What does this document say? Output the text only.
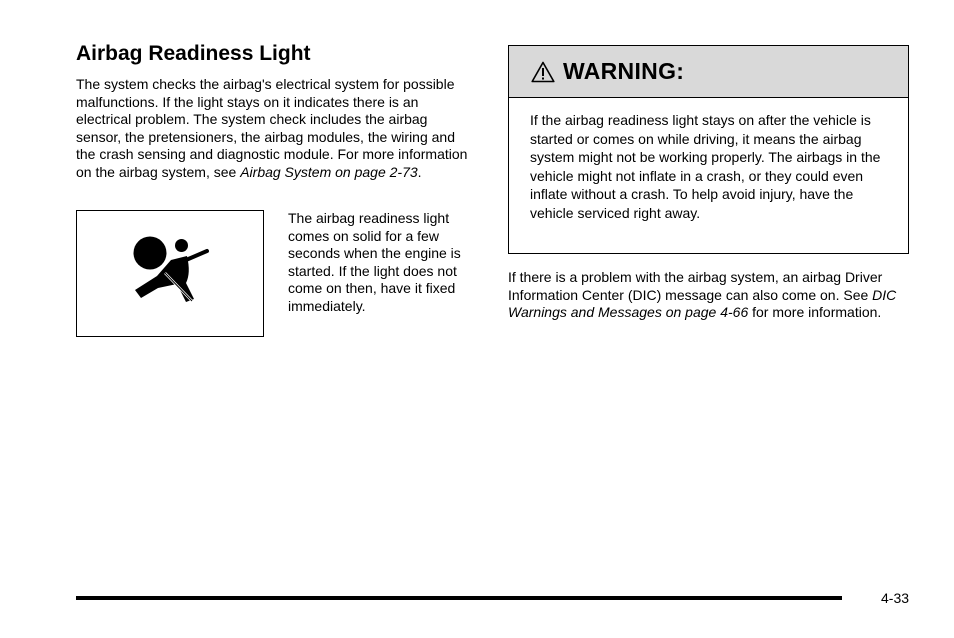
Airbag Readiness Light

The system checks the airbag's electrical system for possible malfunctions. If the light stays on it indicates there is an electrical problem. The system check includes the airbag sensor, the pretensioners, the airbag modules, the wiring and the crash sensing and diagnostic module. For more information on the airbag system, see Airbag System on page 2-73.

The airbag readiness light comes on solid for a few seconds when the engine is started. If the light does not come on then, have it fixed immediately.

WARNING:

If the airbag readiness light stays on after the vehicle is started or comes on while driving, it means the airbag system might not be working properly. The airbags in the vehicle might not inflate in a crash, or they could even inflate without a crash. To help avoid injury, have the vehicle serviced right away.

If there is a problem with the airbag system, an airbag Driver Information Center (DIC) message can also come on. See DIC Warnings and Messages on page 4-66 for more information.

4-33
